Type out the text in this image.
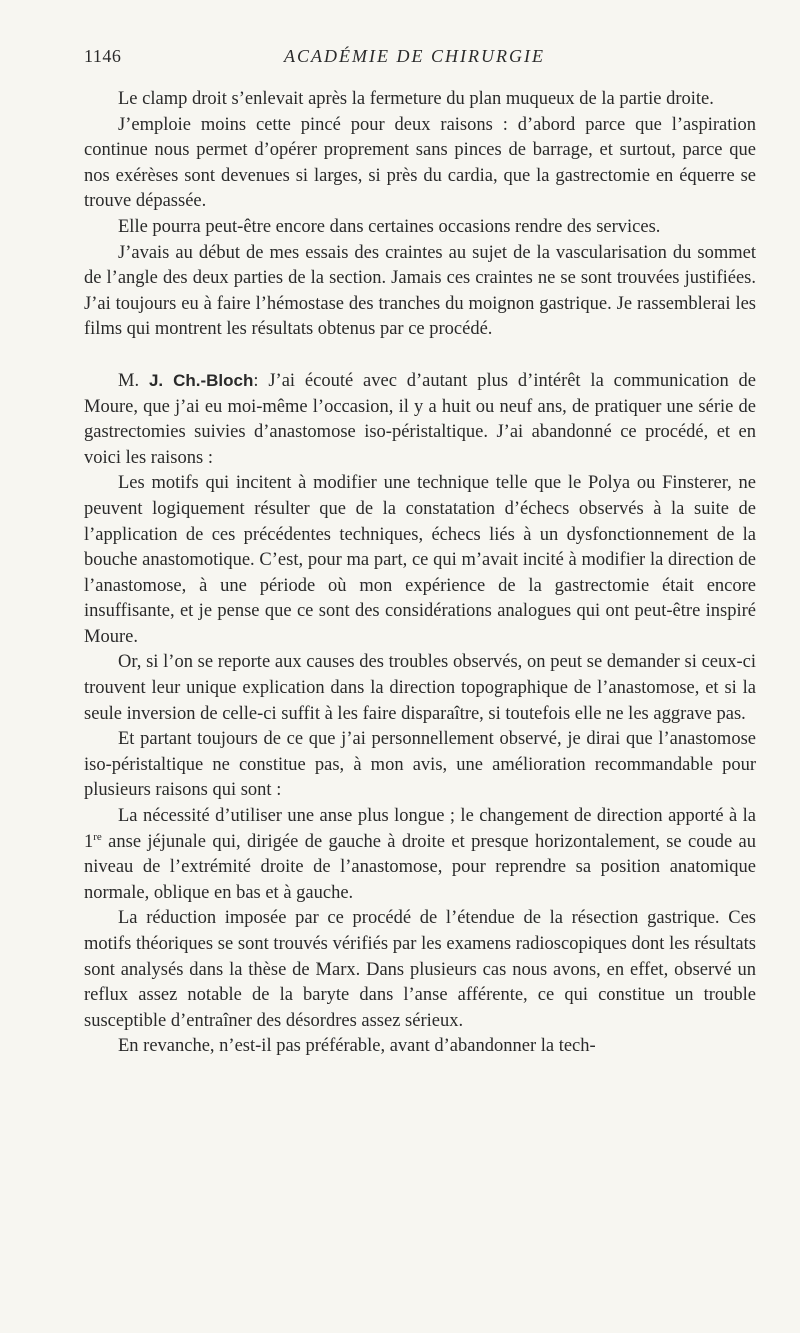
1146	ACADÉMIE DE CHIRURGIE

Le clamp droit s’enlevait après la fermeture du plan muqueux de la partie droite.

J’emploie moins cette pincé pour deux raisons : d’abord parce que l’aspiration continue nous permet d’opérer proprement sans pinces de barrage, et surtout, parce que nos exérèses sont devenues si larges, si près du cardia, que la gastrectomie en équerre se trouve dépassée.

Elle pourra peut-être encore dans certaines occasions rendre des services.

J’avais au début de mes essais des craintes au sujet de la vascularisation du sommet de l’angle des deux parties de la section. Jamais ces craintes ne se sont trouvées justifiées. J’ai toujours eu à faire l’hémostase des tranches du moignon gastrique. Je rassemblerai les films qui montrent les résultats obtenus par ce procédé.

M. J. Ch.-Bloch: J’ai écouté avec d’autant plus d’intérêt la communication de Moure, que j’ai eu moi-même l’occasion, il y a huit ou neuf ans, de pratiquer une série de gastrectomies suivies d’anastomose iso-péristaltique. J’ai abandonné ce procédé, et en voici les raisons :

Les motifs qui incitent à modifier une technique telle que le Polya ou Finsterer, ne peuvent logiquement résulter que de la constatation d’échecs observés à la suite de l’application de ces précédentes techniques, échecs liés à un dysfonctionnement de la bouche anastomotique. C’est, pour ma part, ce qui m’avait incité à modifier la direction de l’anastomose, à une période où mon expérience de la gastrectomie était encore insuffisante, et je pense que ce sont des considérations analogues qui ont peut-être inspiré Moure.

Or, si l’on se reporte aux causes des troubles observés, on peut se demander si ceux-ci trouvent leur unique explication dans la direction topographique de l’anastomose, et si la seule inversion de celle-ci suffit à les faire disparaître, si toutefois elle ne les aggrave pas.

Et partant toujours de ce que j’ai personnellement observé, je dirai que l’anastomose iso-péristaltique ne constitue pas, à mon avis, une amélioration recommandable pour plusieurs raisons qui sont :

La nécessité d’utiliser une anse plus longue ; le changement de direction apporté à la 1re anse jéjunale qui, dirigée de gauche à droite et presque horizontalement, se coude au niveau de l’extrémité droite de l’anastomose, pour reprendre sa position anatomique normale, oblique en bas et à gauche.

La réduction imposée par ce procédé de l’étendue de la résection gastrique. Ces motifs théoriques se sont trouvés vérifiés par les examens radioscopiques dont les résultats sont analysés dans la thèse de Marx. Dans plusieurs cas nous avons, en effet, observé un reflux assez notable de la baryte dans l’anse afférente, ce qui constitue un trouble susceptible d’entraîner des désordres assez sérieux.

En revanche, n’est-il pas préférable, avant d’abandonner la tech-
